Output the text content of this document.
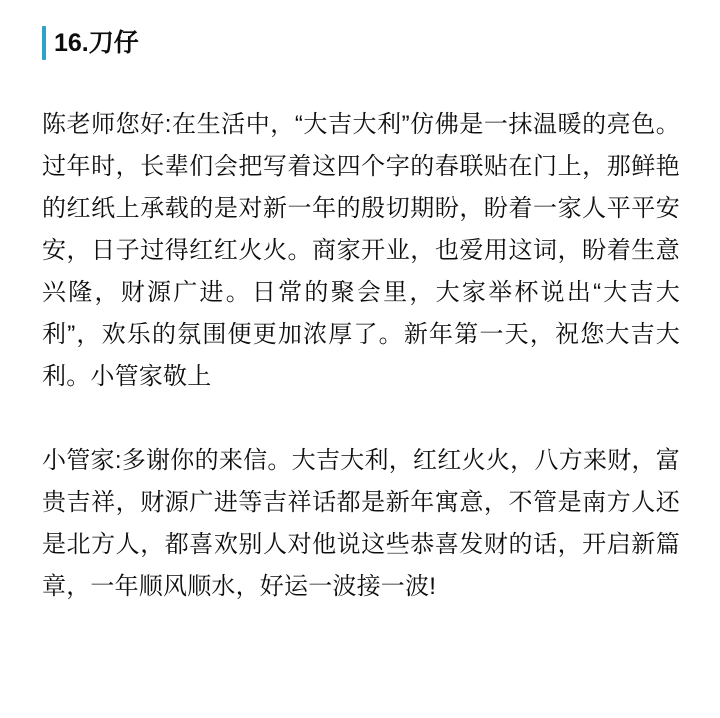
16.刀仔

陈老师您好:在生活中，“大吉大利”仿佛是一抹温暖的亮色。过年时，长辈们会把写着这四个字的春联贴在门上，那鲜艳的红纸上承载的是对新一年的殷切期盼，盼着一家人平平安安，日子过得红红火火。商家开业，也爱用这词，盼着生意兴隆，财源广进。日常的聚会里，大家举杯说出“大吉大利”，欢乐的氛围便更加浓厚了。新年第一天，祝您大吉大利。小管家敬上

小管家:多谢你的来信。大吉大利，红红火火，八方来财，富贵吉祥，财源广进等吉祥话都是新年寓意，不管是南方人还是北方人，都喜欢别人对他说这些恭喜发财的话，开启新篇章，一年顺风顺水，好运一波接一波!
